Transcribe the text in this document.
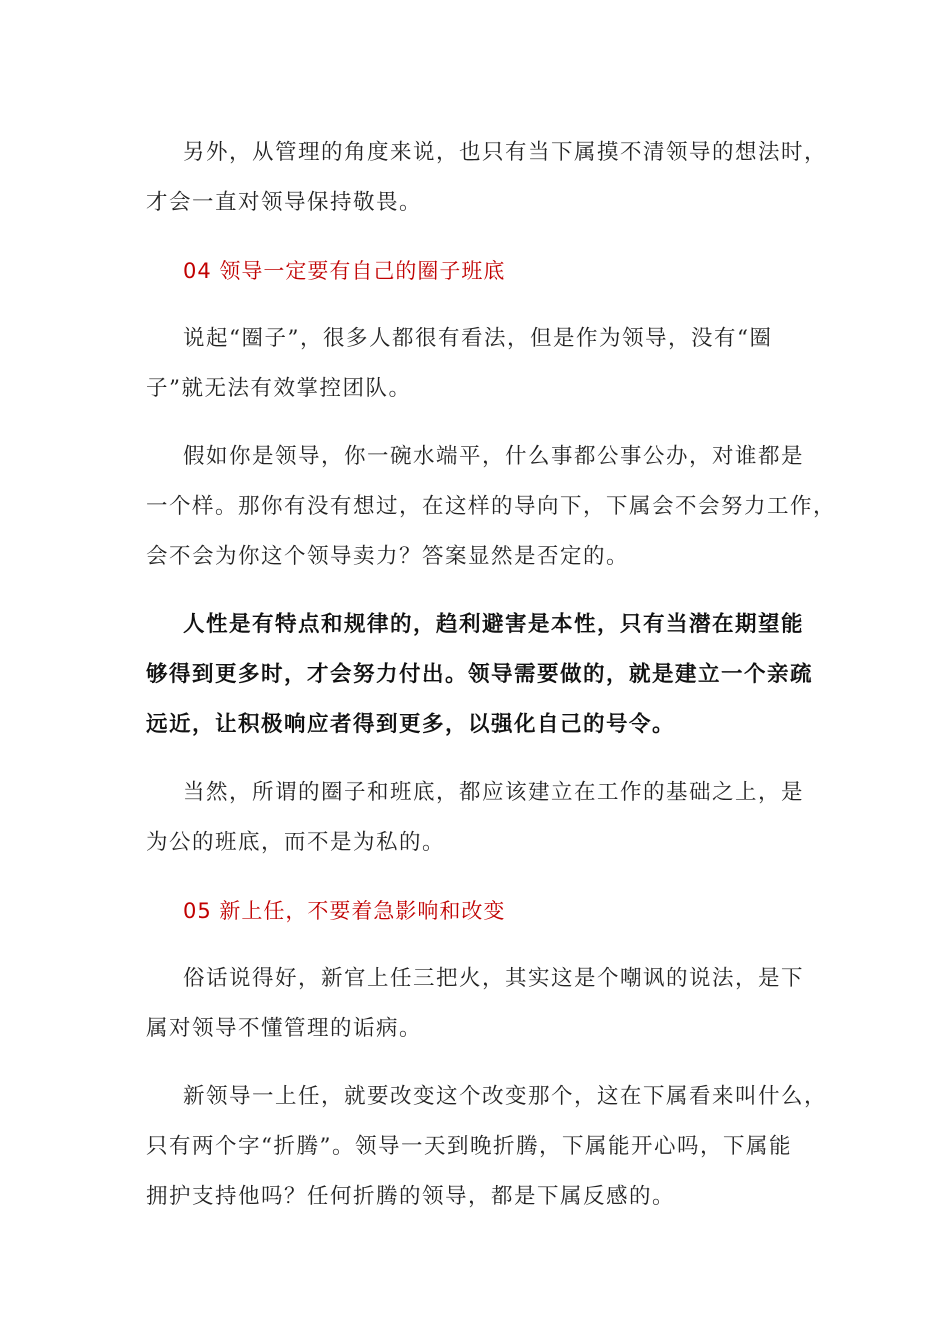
另外，从管理的角度来说，也只有当下属摸不清领导的想法时，
才会一直对领导保持敬畏。

04 领导一定要有自己的圈子班底

说起“圈子”，很多人都很有看法，但是作为领导，没有“圈
子”就无法有效掌控团队。

假如你是领导，你一碗水端平，什么事都公事公办，对谁都是
一个样。那你有没有想过，在这样的导向下，下属会不会努力工作，
会不会为你这个领导卖力？答案显然是否定的。

人性是有特点和规律的，趋利避害是本性，只有当潜在期望能
够得到更多时，才会努力付出。领导需要做的，就是建立一个亲疏
远近，让积极响应者得到更多，以强化自己的号令。

当然，所谓的圈子和班底，都应该建立在工作的基础之上，是
为公的班底，而不是为私的。

05 新上任，不要着急影响和改变

俗话说得好，新官上任三把火，其实这是个嘲讽的说法，是下
属对领导不懂管理的诟病。

新领导一上任，就要改变这个改变那个，这在下属看来叫什么，
只有两个字“折腾”。领导一天到晚折腾，下属能开心吗，下属能
拥护支持他吗？任何折腾的领导，都是下属反感的。
